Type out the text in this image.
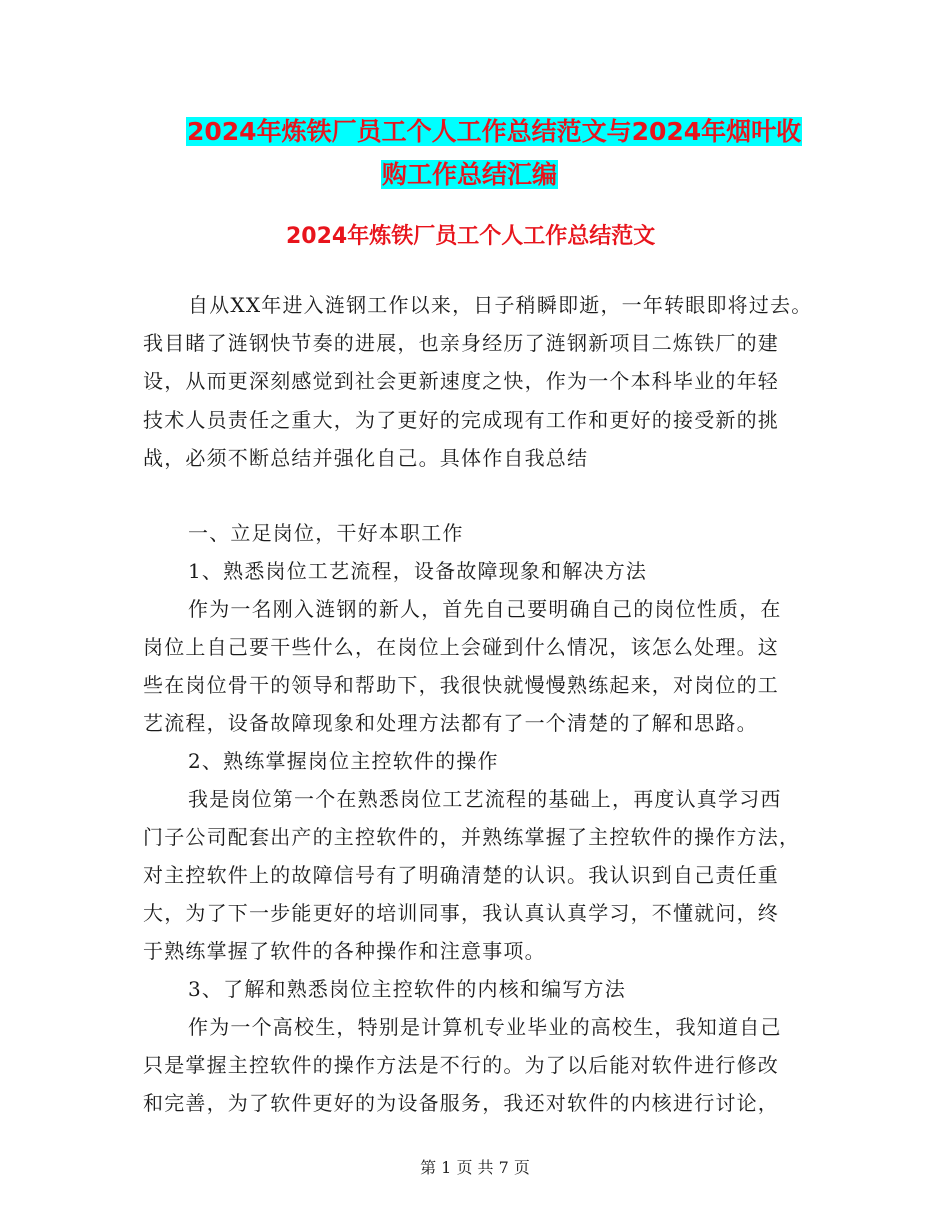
2024年炼铁厂员工个人工作总结范文与2024年烟叶收
购工作总结汇编
2024年炼铁厂员工个人工作总结范文
自从XX年进入涟钢工作以来，日子稍瞬即逝，一年转眼即将过去。
我目睹了涟钢快节奏的进展，也亲身经历了涟钢新项目二炼铁厂的建
设，从而更深刻感觉到社会更新速度之快，作为一个本科毕业的年轻
技术人员责任之重大，为了更好的完成现有工作和更好的接受新的挑
战，必须不断总结并强化自己。具体作自我总结
一、立足岗位，干好本职工作
1、熟悉岗位工艺流程，设备故障现象和解决方法
作为一名刚入涟钢的新人，首先自己要明确自己的岗位性质，在
岗位上自己要干些什么，在岗位上会碰到什么情况，该怎么处理。这
些在岗位骨干的领导和帮助下，我很快就慢慢熟练起来，对岗位的工
艺流程，设备故障现象和处理方法都有了一个清楚的了解和思路。
2、熟练掌握岗位主控软件的操作
我是岗位第一个在熟悉岗位工艺流程的基础上，再度认真学习西
门子公司配套出产的主控软件的，并熟练掌握了主控软件的操作方法，
对主控软件上的故障信号有了明确清楚的认识。我认识到自己责任重
大，为了下一步能更好的培训同事，我认真认真学习，不懂就问，终
于熟练掌握了软件的各种操作和注意事项。
3、了解和熟悉岗位主控软件的内核和编写方法
作为一个高校生，特别是计算机专业毕业的高校生，我知道自己
只是掌握主控软件的操作方法是不行的。为了以后能对软件进行修改
和完善，为了软件更好的为设备服务，我还对软件的内核进行讨论，
第 1 页 共 7 页
